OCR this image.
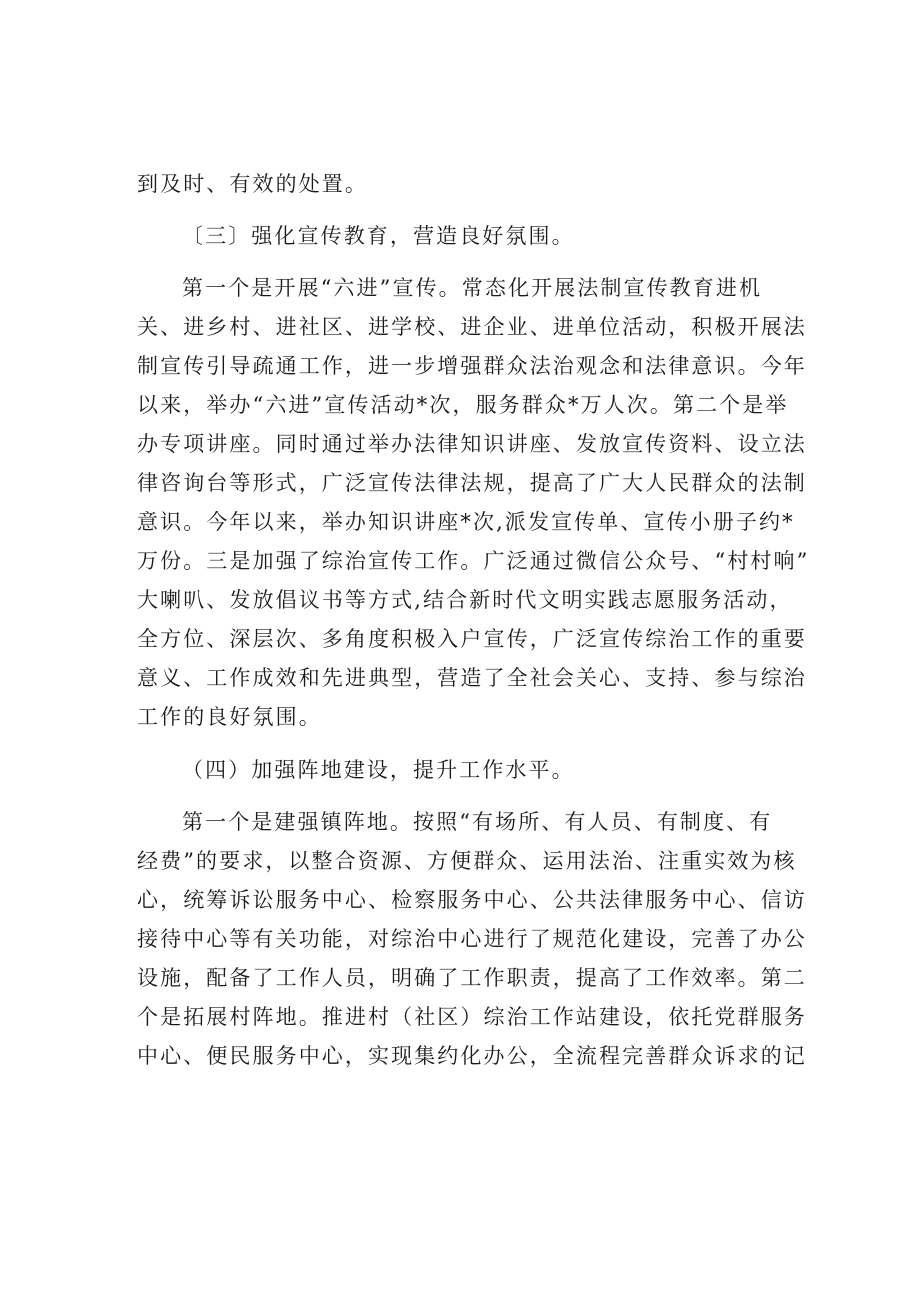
到及时、有效的处置。
〔三〕强化宣传教育，营造良好氛围。
第一个是开展“六进”宣传。常态化开展法制宣传教育进机
关、进乡村、进社区、进学校、进企业、进单位活动，积极开展法
制宣传引导疏通工作，进一步增强群众法治观念和法律意识。今年
以来，举办“六进”宣传活动*次，服务群众*万人次。第二个是举
办专项讲座。同时通过举办法律知识讲座、发放宣传资料、设立法
律咨询台等形式，广泛宣传法律法规，提高了广大人民群众的法制
意识。今年以来，举办知识讲座*次,派发宣传单、宣传小册子约*
万份。三是加强了综治宣传工作。广泛通过微信公众号、“村村响”
大喇叭、发放倡议书等方式,结合新时代文明实践志愿服务活动，
全方位、深层次、多角度积极入户宣传，广泛宣传综治工作的重要
意义、工作成效和先进典型，营造了全社会关心、支持、参与综治
工作的良好氛围。
（四）加强阵地建设，提升工作水平。
第一个是建强镇阵地。按照“有场所、有人员、有制度、有
经费”的要求，以整合资源、方便群众、运用法治、注重实效为核
心，统筹诉讼服务中心、检察服务中心、公共法律服务中心、信访
接待中心等有关功能，对综治中心进行了规范化建设，完善了办公
设施，配备了工作人员，明确了工作职责，提高了工作效率。第二
个是拓展村阵地。推进村（社区）综治工作站建设，依托党群服务
中心、便民服务中心，实现集约化办公，全流程完善群众诉求的记
